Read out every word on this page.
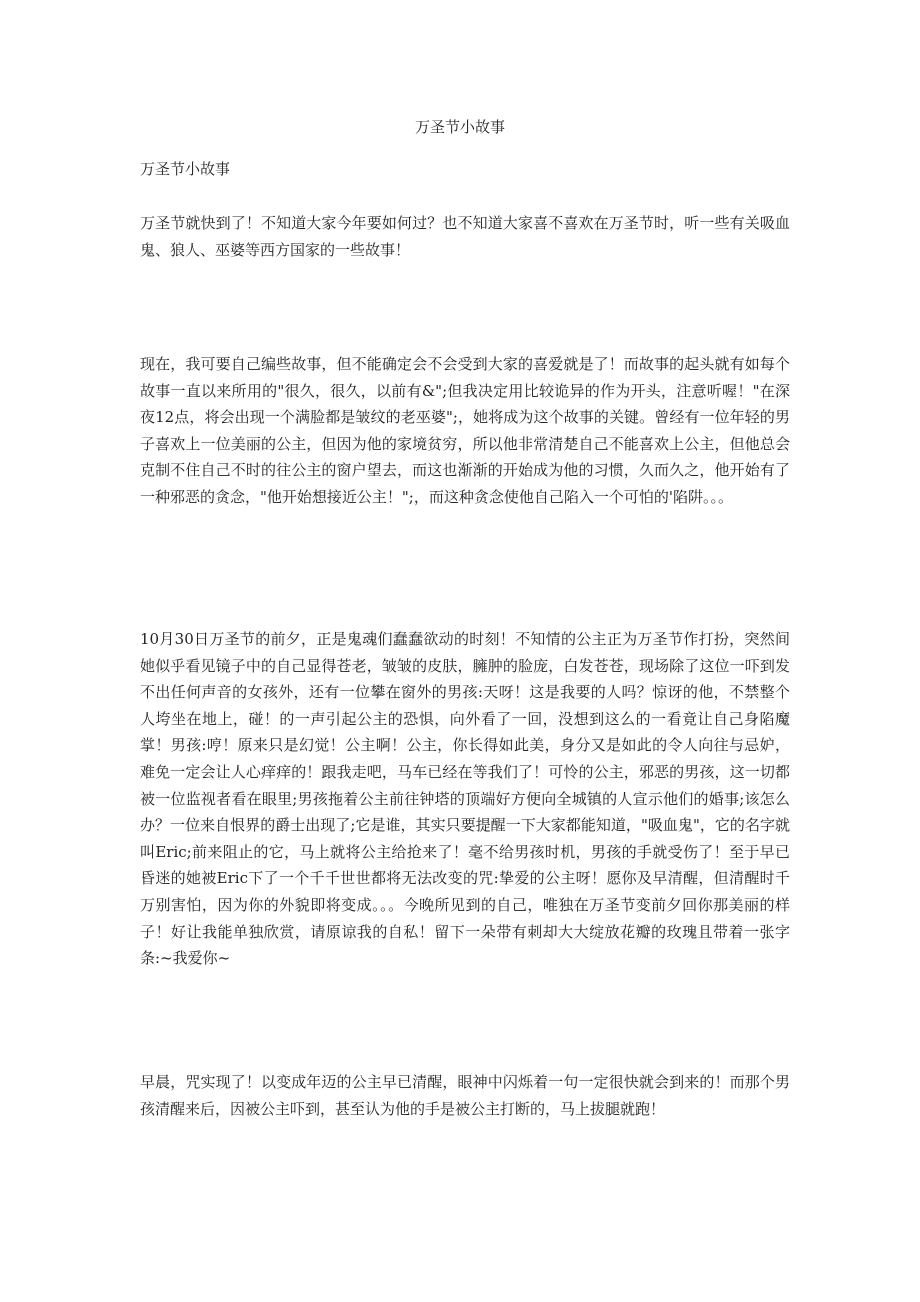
万圣节小故事

万圣节小故事

万圣节就快到了！不知道大家今年要如何过？也不知道大家喜不喜欢在万圣节时，听一些有关吸血鬼、狼人、巫婆等西方国家的一些故事！

现在，我可要自己编些故事，但不能确定会不会受到大家的喜爱就是了！而故事的起头就有如每个故事一直以来所用的"很久，很久，以前有&";但我决定用比较诡异的作为开头，注意听喔！"在深夜12点，将会出现一个满脸都是皱纹的老巫婆";，她将成为这个故事的关键。曾经有一位年轻的男子喜欢上一位美丽的公主，但因为他的家境贫穷，所以他非常清楚自己不能喜欢上公主，但他总会克制不住自己不时的往公主的窗户望去，而这也渐渐的开始成为他的习惯，久而久之，他开始有了一种邪恶的贪念，"他开始想接近公主！";，而这种贪念使他自己陷入一个可怕的'陷阱。。。

10月30日万圣节的前夕，正是鬼魂们蠢蠢欲动的时刻！不知情的公主正为万圣节作打扮，突然间她似乎看见镜子中的自己显得苍老，皱皱的皮肤，臃肿的脸庞，白发苍苍，现场除了这位一吓到发不出任何声音的女孩外，还有一位攀在窗外的男孩:天呀！这是我要的人吗？惊讶的他，不禁整个人垮坐在地上，碰！的一声引起公主的恐惧，向外看了一回，没想到这么的一看竟让自己身陷魔掌！男孩:哼！原来只是幻觉！公主啊！公主，你长得如此美，身分又是如此的令人向往与忌妒，难免一定会让人心痒痒的！跟我走吧，马车已经在等我们了！可怜的公主，邪恶的男孩，这一切都被一位监视者看在眼里;男孩拖着公主前往钟塔的顶端好方便向全城镇的人宣示他们的婚事;该怎么办？一位来自恨界的爵士出现了;它是谁，其实只要提醒一下大家都能知道，"吸血鬼"，它的名字就叫Eric;前来阻止的它，马上就将公主给抢来了！毫不给男孩时机，男孩的手就受伤了！至于早已昏迷的她被Eric下了一个千千世世都将无法改变的咒:挚爱的公主呀！愿你及早清醒，但清醒时千万别害怕，因为你的外貌即将变成。。。今晚所见到的自己，唯独在万圣节变前夕回你那美丽的样子！好让我能单独欣赏，请原谅我的自私！留下一朵带有刺却大大绽放花瓣的玫瑰且带着一张字条:~我爱你~

早晨，咒实现了！以变成年迈的公主早已清醒，眼神中闪烁着一句一定很快就会到来的！而那个男孩清醒来后，因被公主吓到，甚至认为他的手是被公主打断的，马上拔腿就跑！
